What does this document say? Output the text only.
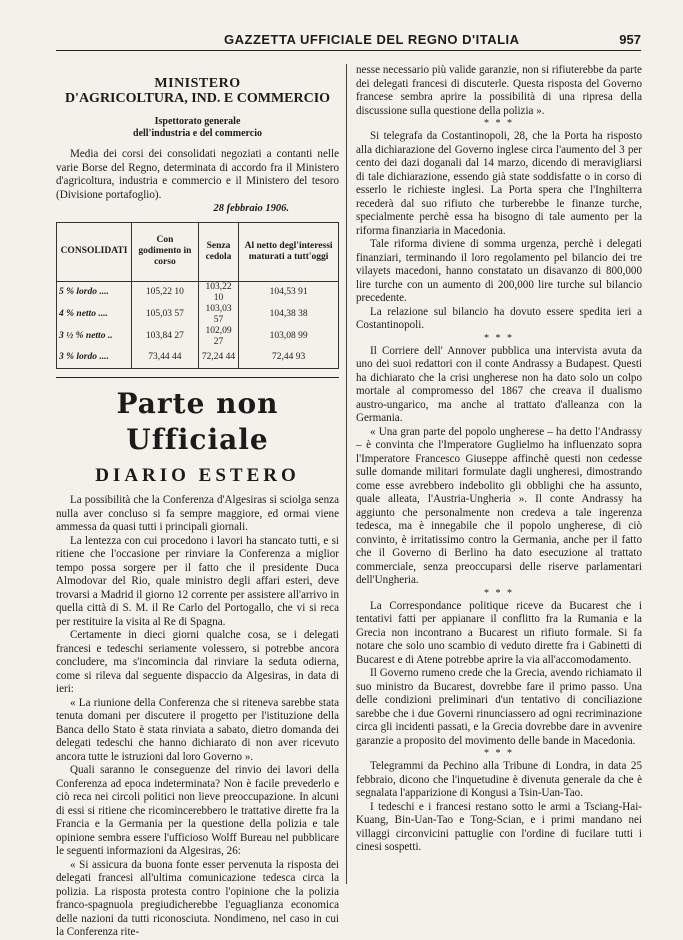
GAZZETTA UFFICIALE DEL REGNO D'ITALIA	957
MINISTERO
D'AGRICOLTURA, IND. E COMMERCIO
Ispettorato generale
dell'industria e del commercio

Media dei corsi dei consolidati negoziati a contanti nelle varie Borse del Regno, determinata di accordo fra il Ministero d'agricoltura, industria e commercio e il Ministero del tesoro (Divisione portafoglio).

28 febbraio 1906.
CONSOLIDATI	Con godimento in corso	Senza cedola	Al netto degl'interessi maturati a tutt'oggi
5 % lordo ....	105,22 10	103,22 10	104,53 91
4 % netto ....	105,03 57	103,03 57	104,38 38
3 ½ % netto ..	103,84 27	102,09 27	103,08 99
3 % lordo ....	73,44 44	72,24 44	72,44 93
Parte non Ufficiale
DIARIO ESTERO

La possibilità che la Conferenza d'Algesiras si sciolga senza nulla aver concluso si fa sempre maggiore, ed ormai viene ammessa da quasi tutti i principali giornali.

La lentezza con cui procedono i lavori ha stancato tutti, e si ritiene che l'occasione per rinviare la Conferenza a miglior tempo possa sorgere per il fatto che il presidente Duca Almodovar del Rio, quale ministro degli affari esteri, deve trovarsi a Madrid il giorno 12 corrente per assistere all'arrivo in quella città di S. M. il Re Carlo del Portogallo, che vi si reca per restituire la visita al Re di Spagna.

Certamente in dieci giorni qualche cosa, se i delegati francesi e tedeschi seriamente volessero, si potrebbe ancora concludere, ma s'incomincia dal rinviare la seduta odierna, come si rileva dal seguente dispaccio da Algesiras, in data di ieri:

« La riunione della Conferenza che si riteneva sarebbe stata tenuta domani per discutere il progetto per l'istituzione della Banca dello Stato è stata rinviata a sabato, dietro domanda dei delegati tedeschi che hanno dichiarato di non aver ricevuto ancora tutte le istruzioni dal loro Governo ».

Quali saranno le conseguenze del rinvio dei lavori della Conferenza ad epoca indeterminata? Non è facile prevederlo e ciò reca nei circoli politici non lieve preoccupazione. In alcuni di essi si ritiene che ricomincerebbero le trattative dirette fra la Francia e la Germania per la questione della polizia e tale opinione sembra essere l'ufficioso Wolff Bureau nel pubblicare le seguenti informazioni da Algesiras, 26:

« Si assicura da buona fonte esser pervenuta la risposta dei delegati francesi all'ultima comunicazione tedesca circa la polizia. La risposta protesta contro l'opinione che la polizia franco-spagnuola pregiudicherebbe l'eguaglianza economica delle nazioni da tutti riconosciuta. Nondimeno, nel caso in cui la Conferenza rite-

nesse necessario più valide garanzie, non si rifiuterebbe da parte dei delegati francesi di discuterle. Questa risposta del Governo francese sembra aprire la possibilità di una ripresa della discussione sulla questione della polizia ».

* * *

Si telegrafa da Costantinopoli, 28, che la Porta ha risposto alla dichiarazione del Governo inglese circa l'aumento del 3 per cento dei dazi doganali dal 14 marzo, dicendo di meravigliarsi di tale dichiarazione, essendo già state soddisfatte o in corso di esserlo le richieste inglesi. La Porta spera che l'Inghilterra recederà dal suo rifiuto che turberebbe le finanze turche, specialmente perchè essa ha bisogno di tale aumento per la riforma finanziaria in Macedonia.

Tale riforma diviene di somma urgenza, perchè i delegati finanziari, terminando il loro regolamento pel bilancio dei tre vilayets macedoni, hanno constatato un disavanzo di 800,000 lire turche con un aumento di 200,000 lire turche sul bilancio precedente.

La relazione sul bilancio ha dovuto essere spedita ieri a Costantinopoli.

* * *

Il Corriere dell' Annover pubblica una intervista avuta da uno dei suoi redattori con il conte Andrassy a Budapest. Questi ha dichiarato che la crisi ungherese non ha dato solo un colpo mortale al compromesso del 1867 che creava il dualismo austro-ungarico, ma anche al trattato d'alleanza con la Germania.

« Una gran parte del popolo ungherese – ha detto l'Andrassy – è convinta che l'Imperatore Guglielmo ha influenzato sopra l'Imperatore Francesco Giuseppe affinchè questi non cedesse sulle domande militari formulate dagli ungheresi, dimostrando come esse avrebbero indebolito gli obblighi che ha assunto, quale alleata, l'Austria-Ungheria ». Il conte Andrassy ha aggiunto che personalmente non credeva a tale ingerenza tedesca, ma è innegabile che il popolo ungherese, di ciò convinto, è irritatissimo contro la Germania, anche per il fatto che il Governo di Berlino ha dato esecuzione al trattato commerciale, senza preoccuparsi delle riserve parlamentari dell'Ungheria.

* * *

La Correspondance politique riceve da Bucarest che i tentativi fatti per appianare il conflitto fra la Rumania e la Grecia non incontrano a Bucarest un rifiuto formale. Si fa notare che solo uno scambio di veduto dirette fra i Gabinetti di Bucarest e di Atene potrebbe aprire la via all'accomodamento.

Il Governo rumeno crede che la Grecia, avendo richiamato il suo ministro da Bucarest, dovrebbe fare il primo passo. Una delle condizioni preliminari d'un tentativo di conciliazione sarebbe che i due Governi rinunciassero ad ogni recriminazione circa gli incidenti passati, e la Grecia dovrebbe dare in avvenire garanzie a proposito del movimento delle bande in Macedonia.

* * *

Telegrammi da Pechino alla Tribune di Londra, in data 25 febbraio, dicono che l'inquetudine è divenuta generale da che è segnalata l'apparizione di Kongusi a Tsin-Uan-Tao.

I tedeschi e i francesi restano sotto le armi a Tsciang-Hai-Kuang, Bin-Uan-Tao e Tong-Scian, e i primi mandano nei villaggi circonvicini pattuglie con l'ordine di fucilare tutti i cinesi sospetti.
